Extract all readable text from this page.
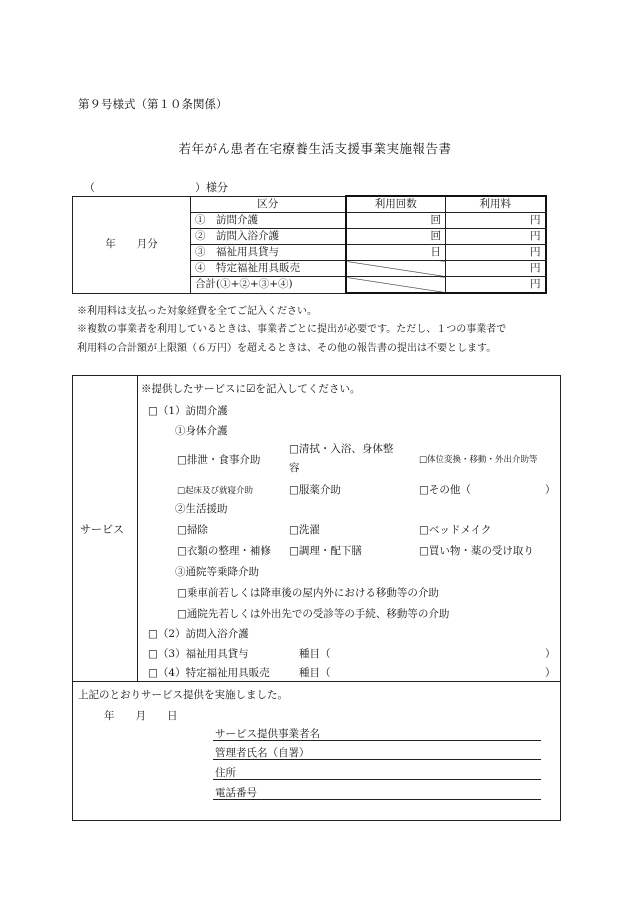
第９号様式（第１０条関係）
若年がん患者在宅療養生活支援事業実施報告書
（	）様分
年　　月分	区分	利用回数	利用料
	①　訪問介護	回	円
	②　訪問入浴介護	回	円
	③　福祉用具貸与	日	円
	④　特定福祉用具販売		円
	合計(①+②+③+④)		円
※利用料は支払った対象経費を全てご記入ください。
※複数の事業者を利用しているときは、事業者ごとに提出が必要です。ただし、１つの事業者で
利用料の合計額が上限額（６万円）を超えるときは、その他の報告書の提出は不要とします。
サービス
※提供したサービスに☑を記入してください。
□（1）訪問介護
①身体介護
□排泄・食事介助
□清拭・入浴、身体整
容
□体位変換・移動・外出介助等
□起床及び就寝介助	□服薬介助	□その他（	）
②生活援助
□掃除	□洗濯	□ベッドメイク
□衣類の整理・補修 □調理・配下膳	□買い物・薬の受け取り
③通院等乗降介助
□乗車前若しくは降車後の屋内外における移動等の介助
□通院先若しくは外出先での受診等の手続、移動等の介助
□（2）訪問入浴介護
□（3）福祉用具貸与	種目（	）
□（4）特定福祉用具販売	種目（	）
上記のとおりサービス提供を実施しました。
年　　月　　日
サービス提供事業者名
管理者氏名（自署）
住所
電話番号
